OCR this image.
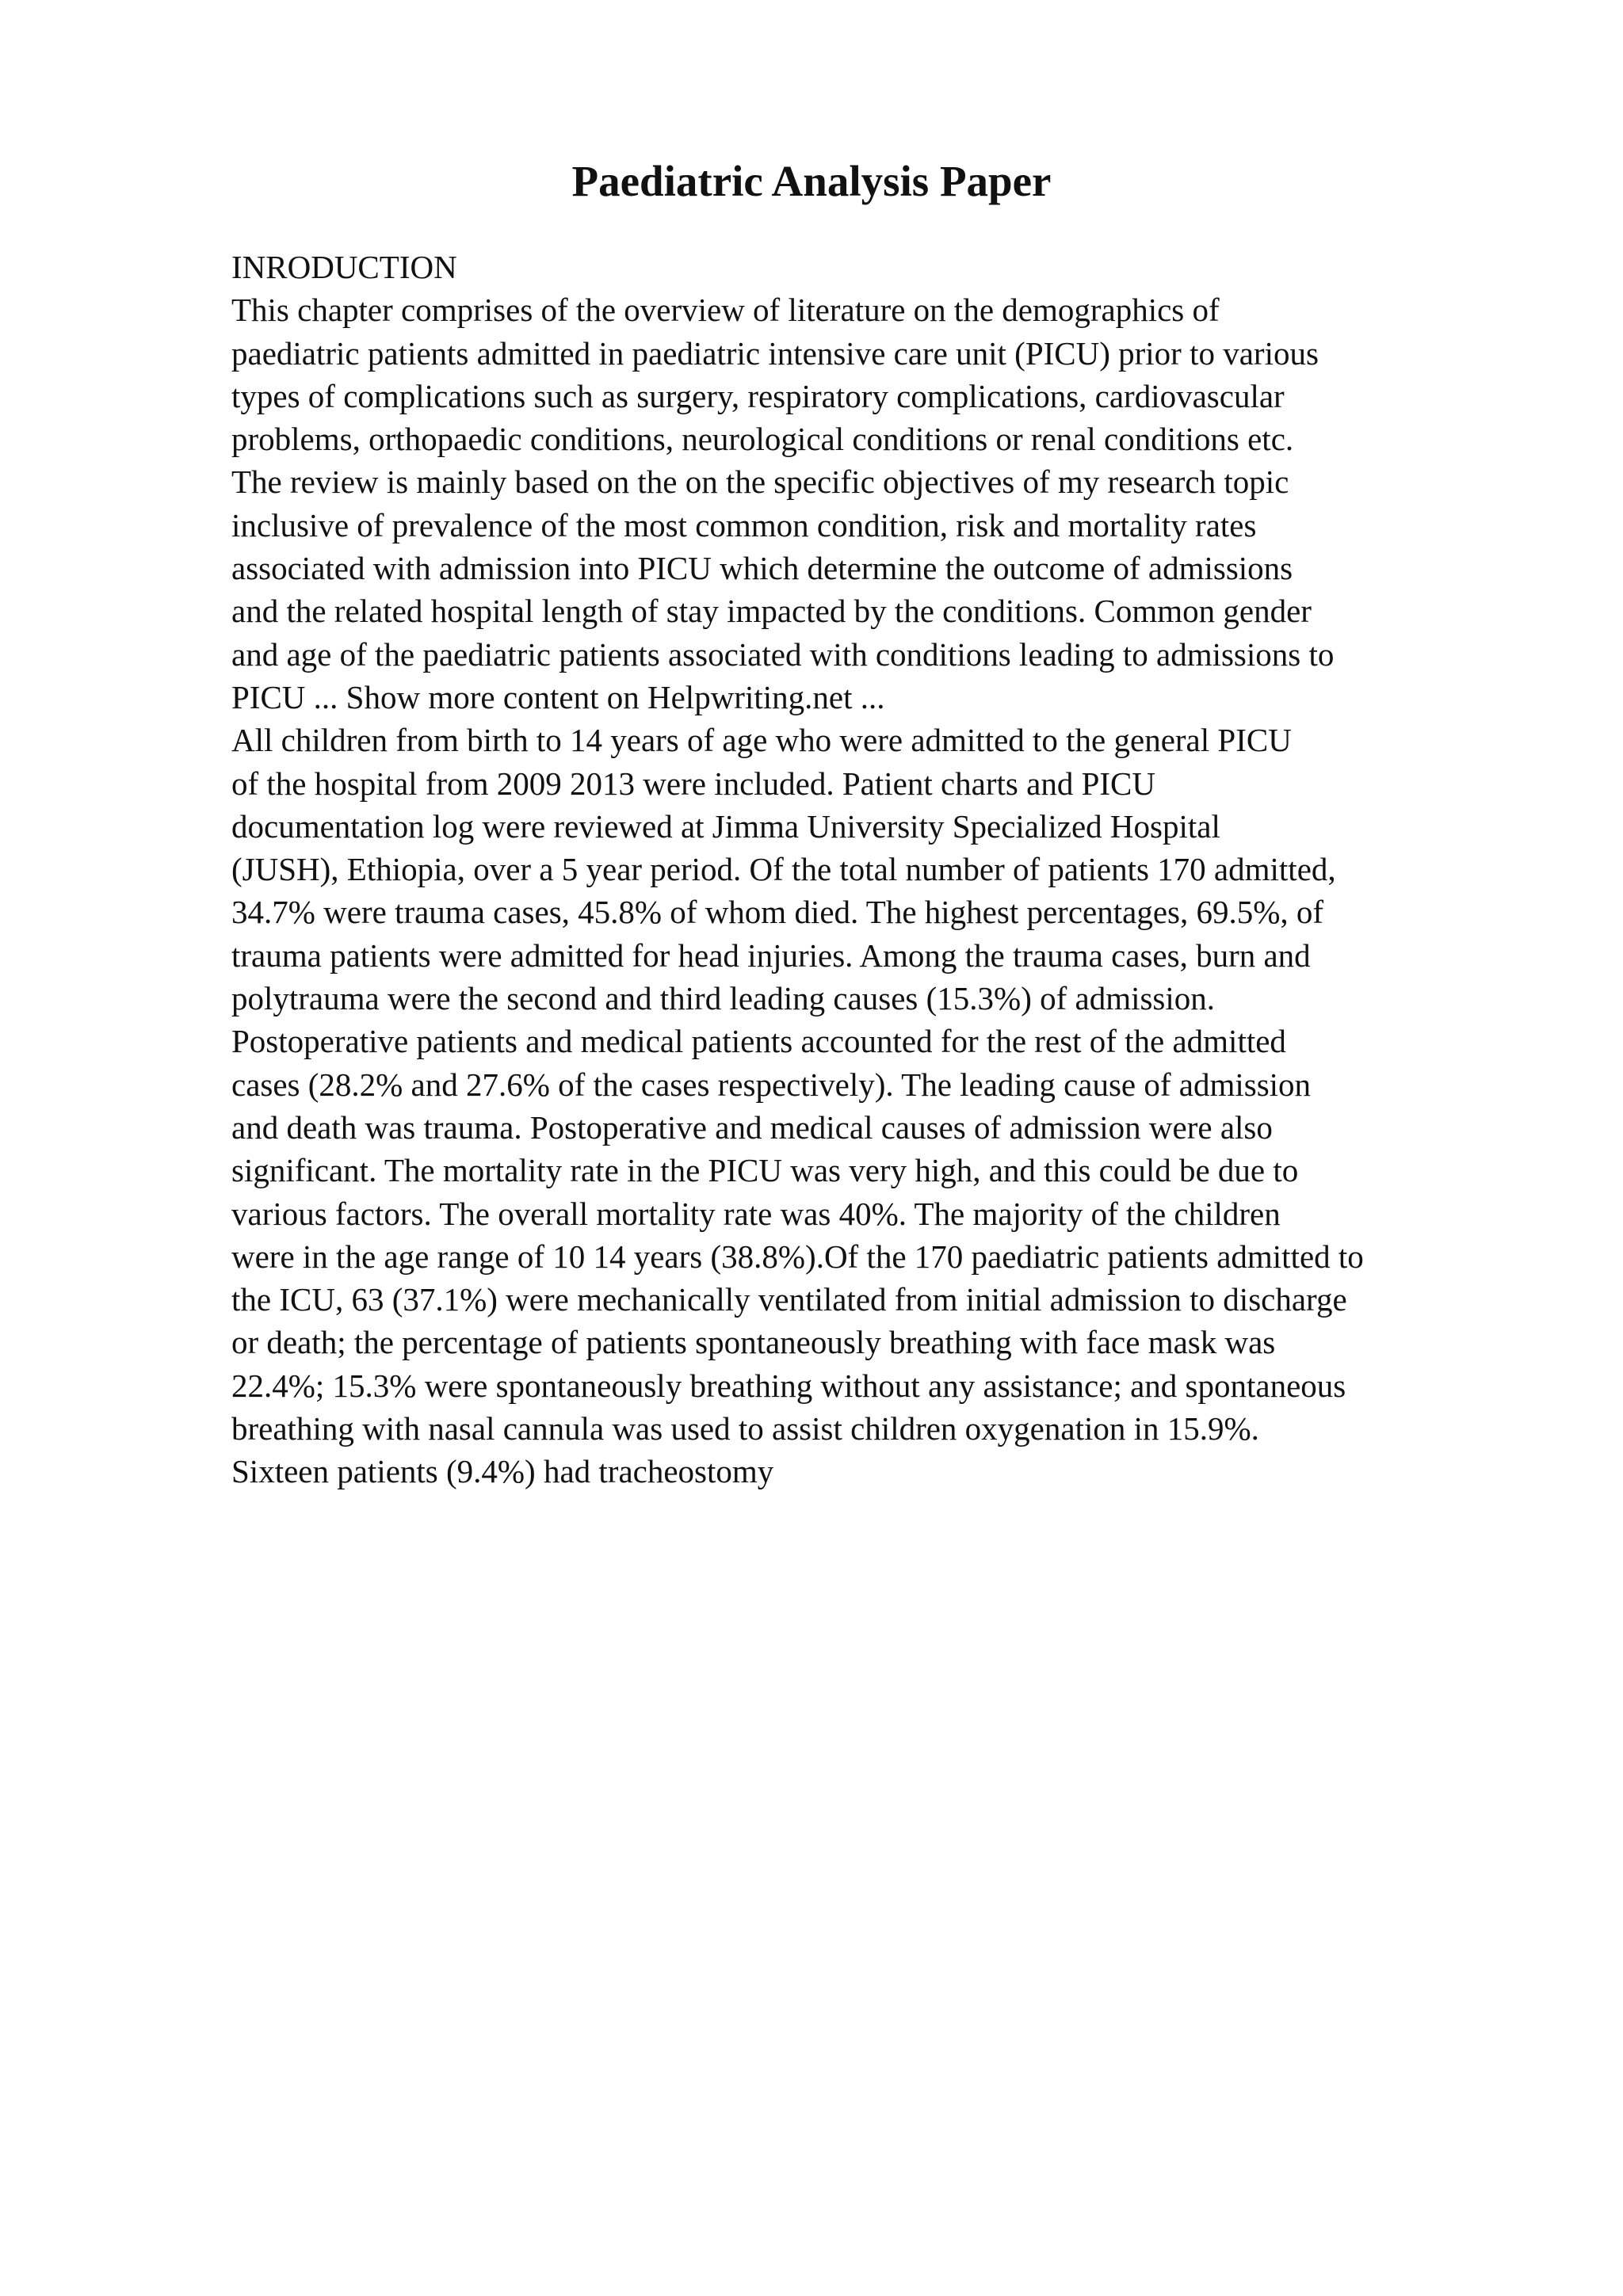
Paediatric Analysis Paper
INRODUCTION
This chapter comprises of the overview of literature on the demographics of
paediatric patients admitted in paediatric intensive care unit (PICU) prior to various
types of complications such as surgery, respiratory complications, cardiovascular
problems, orthopaedic conditions, neurological conditions or renal conditions etc.
The review is mainly based on the on the specific objectives of my research topic
inclusive of prevalence of the most common condition, risk and mortality rates
associated with admission into PICU which determine the outcome of admissions
and the related hospital length of stay impacted by the conditions. Common gender
and age of the paediatric patients associated with conditions leading to admissions to
PICU ... Show more content on Helpwriting.net ...
All children from birth to 14 years of age who were admitted to the general PICU
of the hospital from 2009 2013 were included. Patient charts and PICU
documentation log were reviewed at Jimma University Specialized Hospital
(JUSH), Ethiopia, over a 5 year period. Of the total number of patients 170 admitted,
34.7% were trauma cases, 45.8% of whom died. The highest percentages, 69.5%, of
trauma patients were admitted for head injuries. Among the trauma cases, burn and
polytrauma were the second and third leading causes (15.3%) of admission.
Postoperative patients and medical patients accounted for the rest of the admitted
cases (28.2% and 27.6% of the cases respectively). The leading cause of admission
and death was trauma. Postoperative and medical causes of admission were also
significant. The mortality rate in the PICU was very high, and this could be due to
various factors. The overall mortality rate was 40%. The majority of the children
were in the age range of 10 14 years (38.8%).Of the 170 paediatric patients admitted to
the ICU, 63 (37.1%) were mechanically ventilated from initial admission to discharge
or death; the percentage of patients spontaneously breathing with face mask was
22.4%; 15.3% were spontaneously breathing without any assistance; and spontaneous
breathing with nasal cannula was used to assist children oxygenation in 15.9%.
Sixteen patients (9.4%) had tracheostomy
